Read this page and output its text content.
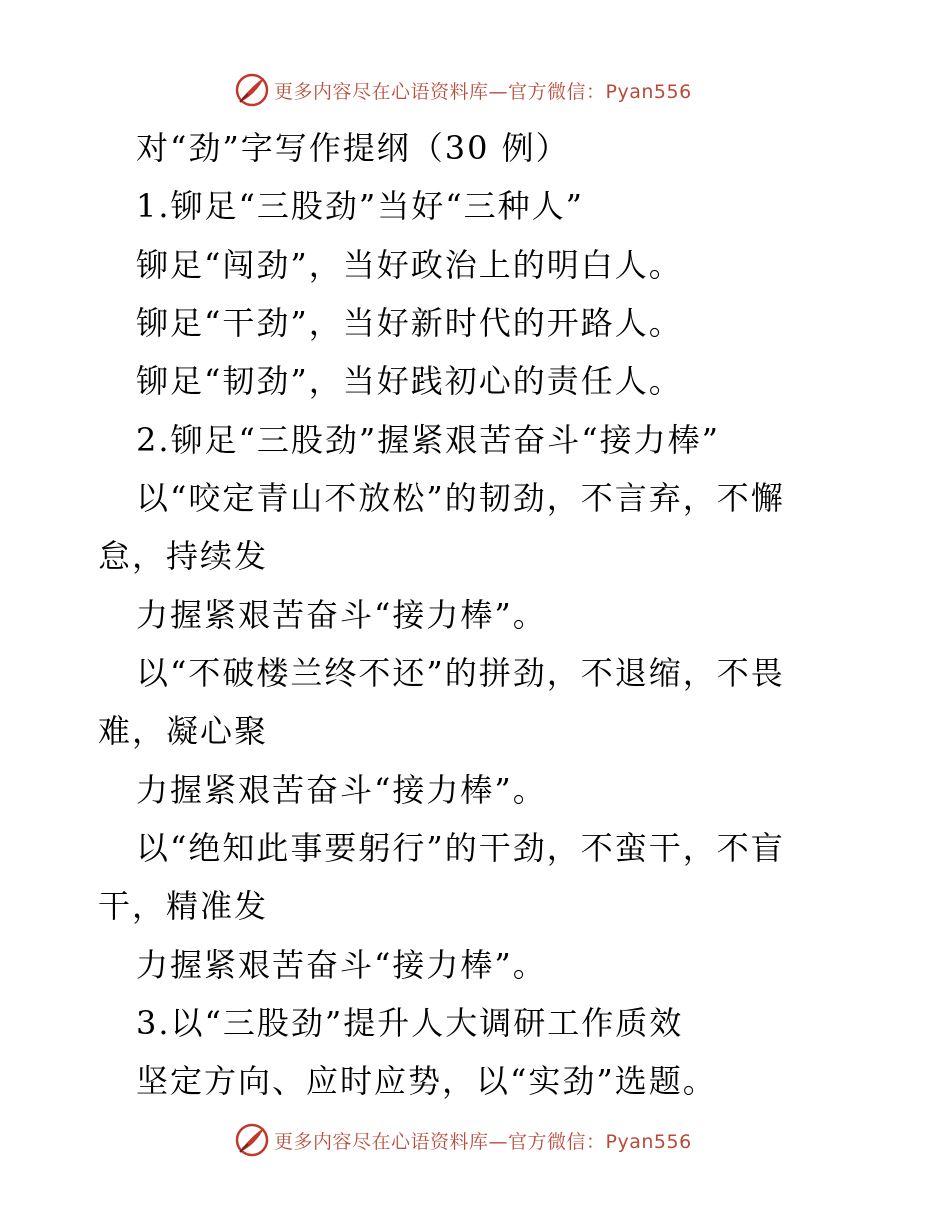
更多内容尽在心语资料库—官方微信：Pyan556
对“劲”字写作提纲（30 例）
1.铆足“三股劲”当好“三种人”
铆足“闯劲”，当好政治上的明白人。
铆足“干劲”，当好新时代的开路人。
铆足“韧劲”，当好践初心的责任人。
2.铆足“三股劲”握紧艰苦奋斗“接力棒”
以“咬定青山不放松”的韧劲，不言弃，不懈
怠，持续发
力握紧艰苦奋斗“接力棒”。
以“不破楼兰终不还”的拼劲，不退缩，不畏
难，凝心聚
力握紧艰苦奋斗“接力棒”。
以“绝知此事要躬行”的干劲，不蛮干，不盲
干，精准发
力握紧艰苦奋斗“接力棒”。
3.以“三股劲”提升人大调研工作质效
坚定方向、应时应势，以“实劲”选题。
更多内容尽在心语资料库—官方微信：Pyan556
